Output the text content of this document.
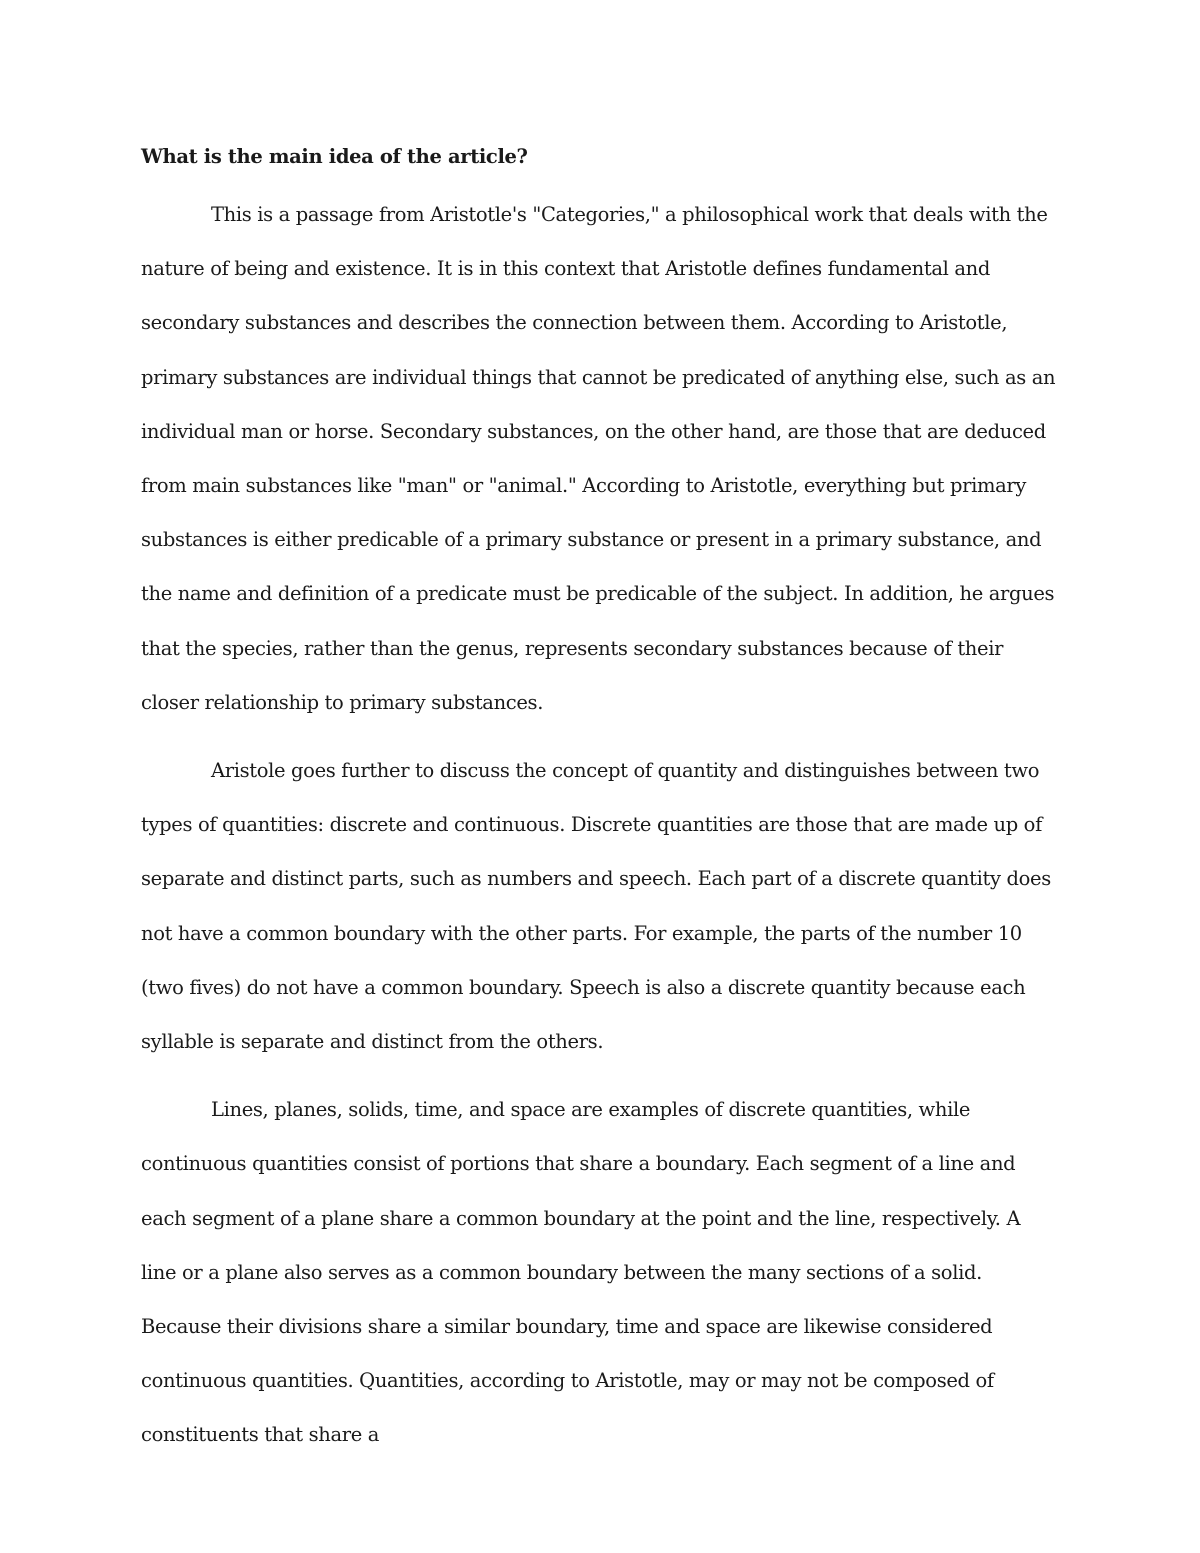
What is the main idea of the article?

This is a passage from Aristotle's "Categories," a philosophical work that deals with the nature of being and existence. It is in this context that Aristotle defines fundamental and secondary substances and describes the connection between them. According to Aristotle, primary substances are individual things that cannot be predicated of anything else, such as an individual man or horse. Secondary substances, on the other hand, are those that are deduced from main substances like "man" or "animal." According to Aristotle, everything but primary substances is either predicable of a primary substance or present in a primary substance, and the name and definition of a predicate must be predicable of the subject. In addition, he argues that the species, rather than the genus, represents secondary substances because of their closer relationship to primary substances.

Aristole goes further to discuss the concept of quantity and distinguishes between two types of quantities: discrete and continuous. Discrete quantities are those that are made up of separate and distinct parts, such as numbers and speech. Each part of a discrete quantity does not have a common boundary with the other parts. For example, the parts of the number 10 (two fives) do not have a common boundary. Speech is also a discrete quantity because each syllable is separate and distinct from the others.

Lines, planes, solids, time, and space are examples of discrete quantities, while continuous quantities consist of portions that share a boundary. Each segment of a line and each segment of a plane share a common boundary at the point and the line, respectively. A line or a plane also serves as a common boundary between the many sections of a solid. Because their divisions share a similar boundary, time and space are likewise considered continuous quantities. Quantities, according to Aristotle, may or may not be composed of constituents that share a
